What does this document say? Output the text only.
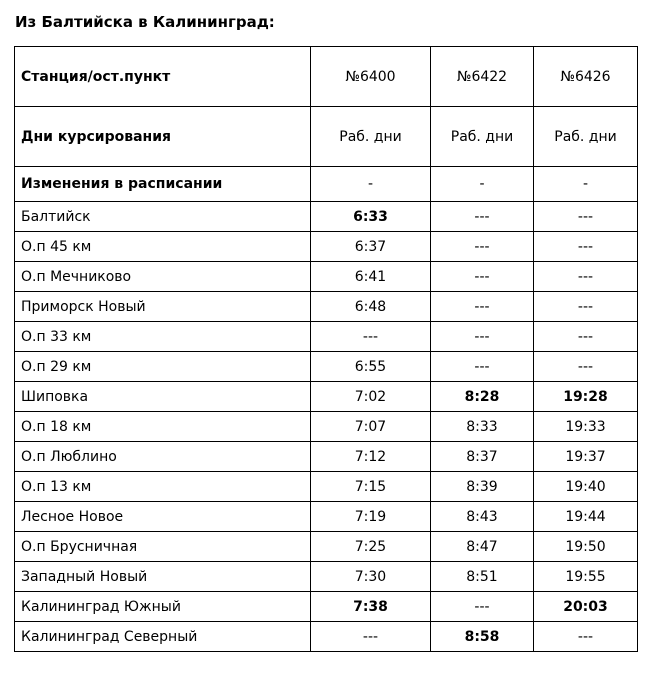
Из Балтийска в Калининград:
Станция/ост.пункт	№6400	№6422	№6426
Дни курсирования	Раб. дни	Раб. дни	Раб. дни
Изменения в расписании	-	-	-
Балтийск	6:33	---	---
О.п 45 км	6:37	---	---
О.п Мечниково	6:41	---	---
Приморск Новый	6:48	---	---
О.п 33 км	---	---	---
О.п 29 км	6:55	---	---
Шиповка	7:02	8:28	19:28
О.п 18 км	7:07	8:33	19:33
О.п Люблино	7:12	8:37	19:37
О.п 13 км	7:15	8:39	19:40
Лесное Новое	7:19	8:43	19:44
О.п Брусничная	7:25	8:47	19:50
Западный Новый	7:30	8:51	19:55
Калининград Южный	7:38	---	20:03
Калининград Северный	---	8:58	---
